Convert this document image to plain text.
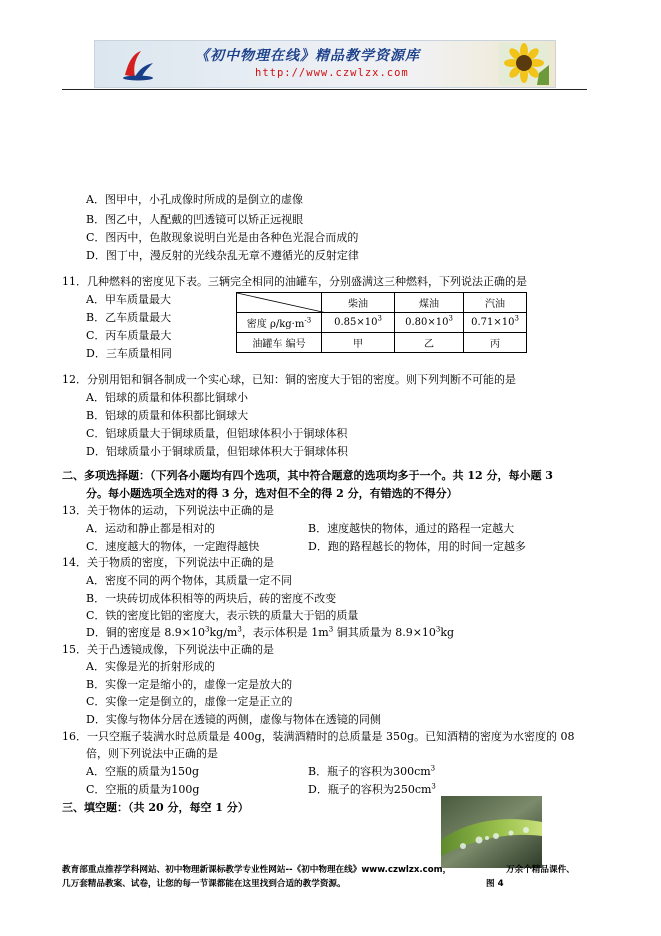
《初中物理在线》精品教学资源库
http://www.czwlzx.com
A．图甲中，小孔成像时所成的是倒立的虚像
B．图乙中，人配戴的凹透镜可以矫正远视眼
C．图丙中，色散现象说明白光是由各种色光混合而成的
D．图丁中，漫反射的光线杂乱无章不遵循光的反射定律
11．几种燃料的密度见下表。三辆完全相同的油罐车，分别盛满这三种燃料，下列说法正确的是
A．甲车质量最大
B．乙车质量最大
C．丙车质量最大
D．三车质量相同
	柴油	煤油	汽油
密度 $\rho/kg\cdot m^{-3}$	$0.85\times 10^3$	$0.80\times 10^3$	$0.71\times 10^3$
油罐车 编号	甲	乙	丙
12．分别用铝和铜各制成一个实心球，已知：铜的密度大于铝的密度。则下列判断不可能的是
A．铝球的质量和体积都比铜球小
B．铝球的质量和体积都比铜球大
C．铝球质量大于铜球质量，但铝球体积小于铜球体积
D．铝球质量小于铜球质量，但铝球体积大于铜球体积
二、多项选择题：（下列各小题均有四个选项，其中符合题意的选项均多于一个。共 12 分，每小题 3
分。每小题选项全选对的得 3 分，选对但不全的得 2 分，有错选的不得分）
13．关于物体的运动，下列说法中正确的是
A．运动和静止都是相对的	B．速度越快的物体，通过的路程一定越大
C．速度越大的物体，一定跑得越快	D．跑的路程越长的物体，用的时间一定越多
14．关于物质的密度，下列说法中正确的是
A．密度不同的两个物体，其质量一定不同
B．一块砖切成体积相等的两块后，砖的密度不改变
C．铁的密度比铝的密度大，表示铁的质量大于铝的质量
D．铜的密度是 $8.9\times 10^3kg/m^3$，表示体积是 $1m^3$ 铜其质量为 $8.9\times 10^3kg$
15．关于凸透镜成像，下列说法中正确的是
A．实像是光的折射形成的
B．实像一定是缩小的，虚像一定是放大的
C．实像一定是倒立的，虚像一定是正立的
D．实像与物体分居在透镜的两侧，虚像与物体在透镜的同侧
16．一只空瓶子装满水时总质量是 400g，装满酒精时的总质量是 350g。已知酒精的密度为水密度的 08
倍，则下列说法中正确的是
A．空瓶的质量为150g	B．瓶子的容积为$300cm^3$
C．空瓶的质量为100g	D．瓶子的容积为$250cm^3$
三、填空题：（共 20 分，每空 1 分）
教育部重点推荐学科网站、初中物理新课标教学专业性网站--《初中物理在线》www.czwlzx.com，	万余个精品课件、
几万套精品教案、试卷，让您的每一节课都能在这里找到合适的教学资源。	图 4
